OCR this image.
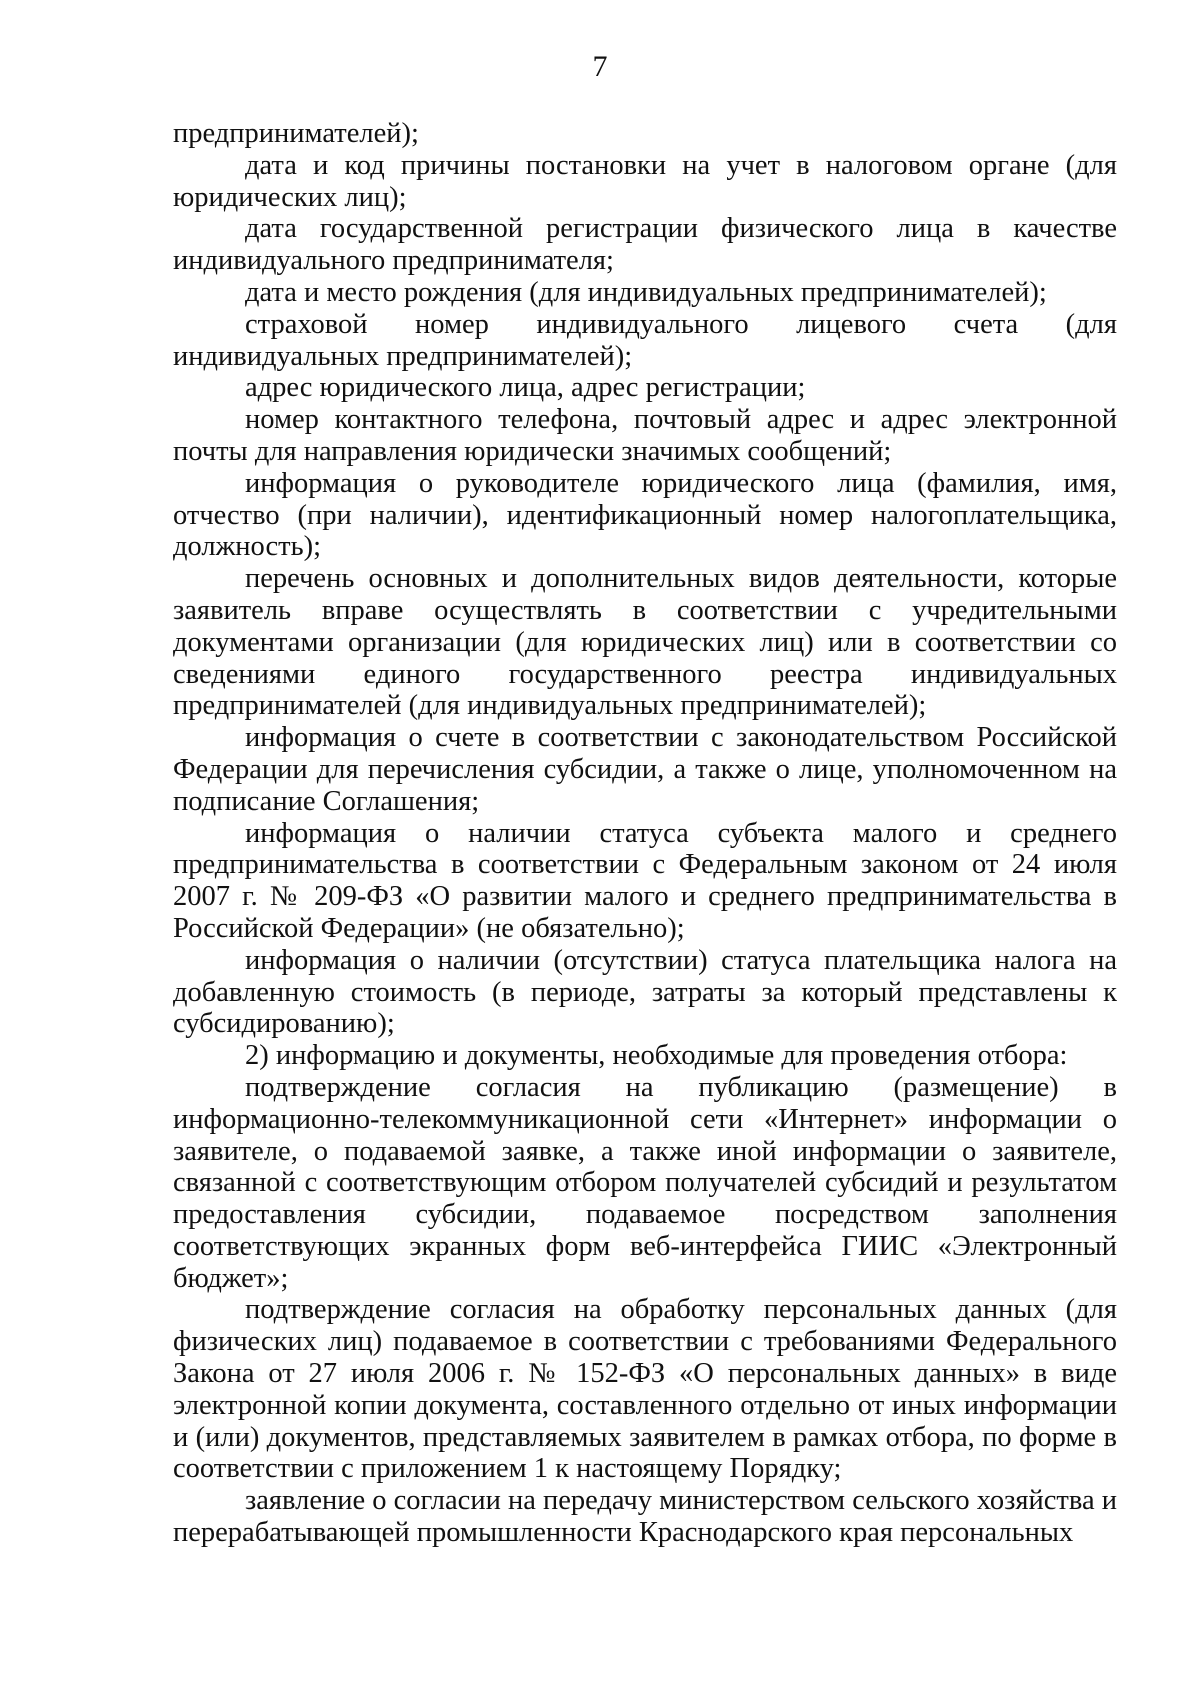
7

предпринимателей);

дата и код причины постановки на учет в налоговом органе (для юридических лиц);

дата государственной регистрации физического лица в качестве индивидуального предпринимателя;

дата и место рождения (для индивидуальных предпринимателей);

страховой номер индивидуального лицевого счета (для индивидуальных предпринимателей);

адрес юридического лица, адрес регистрации;

номер контактного телефона, почтовый адрес и адрес электронной почты для направления юридически значимых сообщений;

информация о руководителе юридического лица (фамилия, имя, отчество (при наличии), идентификационный номер налогоплательщика, должность);

перечень основных и дополнительных видов деятельности, которые заявитель вправе осуществлять в соответствии с учредительными документами организации (для юридических лиц) или в соответствии со сведениями единого государственного реестра индивидуальных предпринимателей (для индивидуальных предпринимателей);

информация о счете в соответствии с законодательством Российской Федерации для перечисления субсидии, а также о лице, уполномоченном на подписание Соглашения;

информация о наличии статуса субъекта малого и среднего предпринимательства в соответствии с Федеральным законом от 24 июля 2007 г. № 209-ФЗ «О развитии малого и среднего предпринимательства в Российской Федерации» (не обязательно);

информация о наличии (отсутствии) статуса плательщика налога на добавленную стоимость (в периоде, затраты за который представлены к субсидированию);

2) информацию и документы, необходимые для проведения отбора:

подтверждение согласия на публикацию (размещение) в информационно-телекоммуникационной сети «Интернет» информации о заявителе, о подаваемой заявке, а также иной информации о заявителе, связанной с соответствующим отбором получателей субсидий и результатом предоставления субсидии, подаваемое посредством заполнения соответствующих экранных форм веб-интерфейса ГИИС «Электронный бюджет»;

подтверждение согласия на обработку персональных данных (для физических лиц) подаваемое в соответствии с требованиями Федерального Закона от 27 июля 2006 г. № 152-ФЗ «О персональных данных» в виде электронной копии документа, составленного отдельно от иных информации и (или) документов, представляемых заявителем в рамках отбора, по форме в соответствии с приложением 1 к настоящему Порядку;

заявление о согласии на передачу министерством сельского хозяйства и перерабатывающей промышленности Краснодарского края персональных
